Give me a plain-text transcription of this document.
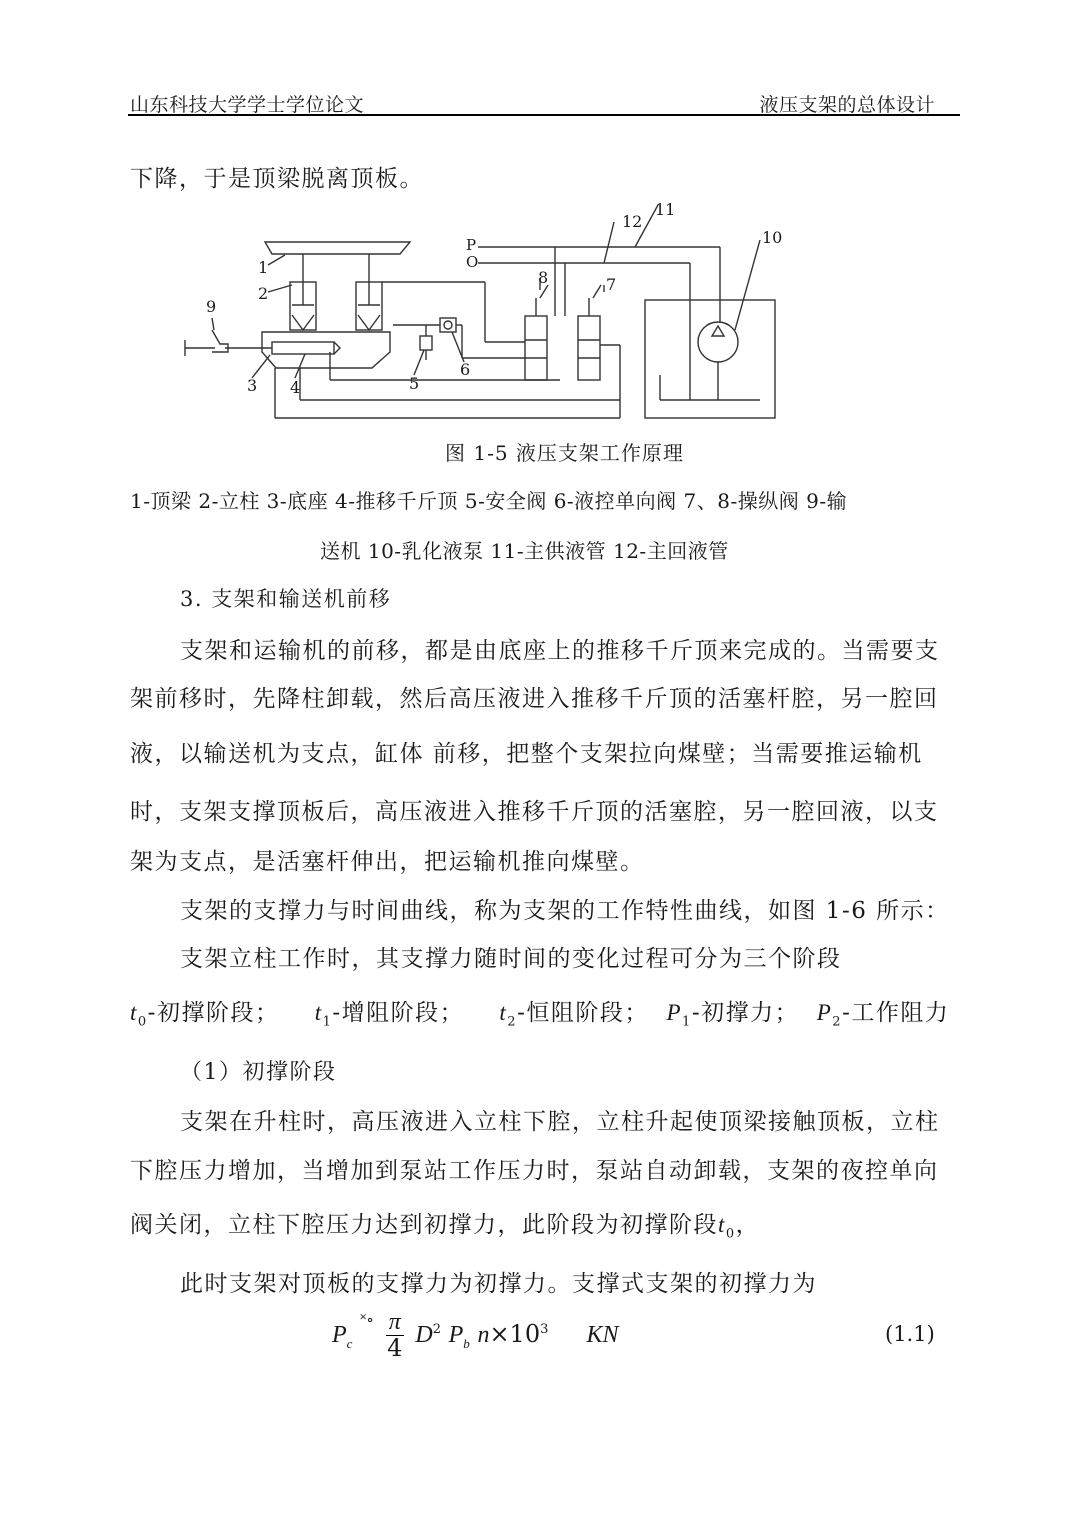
山东科技大学学士学位论文	液压支架的总体设计
下降，于是顶梁脱离顶板。
1
2
3 4	5
6
7
8
9
10
11
12
P
O
图 1-5 液压支架工作原理
1-顶梁 2-立柱 3-底座 4-推移千斤顶 5-安全阀 6-液控单向阀 7、8-操纵阀 9-输
送机 10-乳化液泵 11-主供液管 12-主回液管
3. 支架和输送机前移
支架和运输机的前移，都是由底座上的推移千斤顶来完成的。当需要支
架前移时，先降柱卸载，然后高压液进入推移千斤顶的活塞杆腔，另一腔回
液，以输送机为支点，缸体 前移，把整个支架拉向煤壁；当需要推运输机
时，支架支撑顶板后，高压液进入推移千斤顶的活塞腔，另一腔回液，以支
架为支点，是活塞杆伸出，把运输机推向煤壁。
支架的支撑力与时间曲线，称为支架的工作特性曲线，如图 1-6 所示：
支架立柱工作时，其支撑力随时间的变化过程可分为三个阶段
$t_0-$初撑阶段； $t_1-$增阻阶段； $t_2-$恒阻阶段； $P_1-$初撑力； $P_2-$工作阻力
（1）初撑阶段
支架在升柱时，高压液进入立柱下腔，立柱升起使顶梁接触顶板，立柱
下腔压力增加，当增加到泵站工作压力时，泵站自动卸载，支架的夜控单向
阀关闭，立柱下腔压力达到初撑力，此阶段为初撑阶段$t_0$，
此时支架对顶板的支撑力为初撑力。支撑式支架的初撑力为
$P_c$ $^{˟\circ} \frac{\pi}{4} D^2$ $P_b$ $n\times 10^3$ KN	(1.1)
